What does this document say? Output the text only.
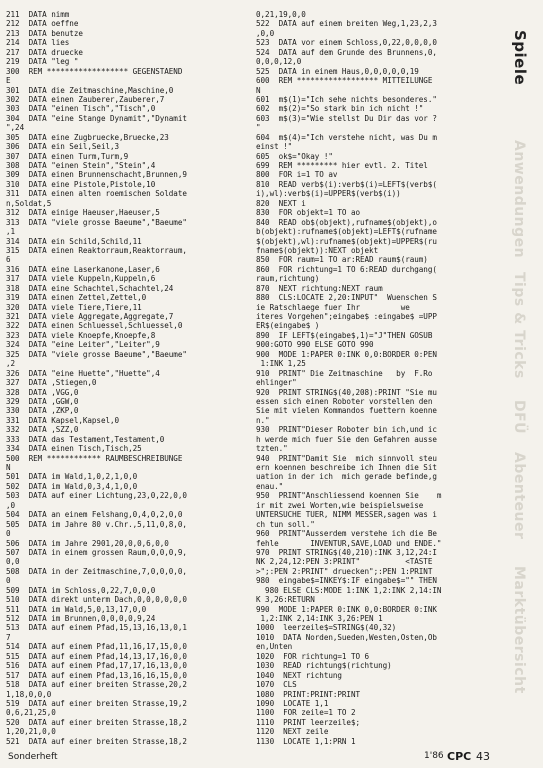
211  DATA nimm
212  DATA oeffne
213  DATA benutze
214  DATA lies
217  DATA druecke
219  DATA "leg "
300  REM ****************** GEGENSTAEND
E
301  DATA die Zeitmaschine,Maschine,0
302  DATA einen Zauberer,Zauberer,7
303  DATA "einen Tisch","Tisch",0
304  DATA "eine Stange Dynamit","Dynamit
",24
305  DATA eine Zugbruecke,Bruecke,23
306  DATA ein Seil,Seil,3
307  DATA einen Turm,Turm,9
308  DATA "einen Stein","Stein",4
309  DATA einen Brunnenschacht,Brunnen,9
310  DATA eine Pistole,Pistole,10
311  DATA einen alten roemischen Soldate
n,Soldat,5
312  DATA einige Haeuser,Haeuser,5
313  DATA "viele grosse Baeume","Baeume"
,1
314  DATA ein Schild,Schild,11
315  DATA einen Reaktorraum,Reaktorraum,
6
316  DATA eine Laserkanone,Laser,6
317  DATA viele Kuppeln,Kuppeln,6
318  DATA eine Schachtel,Schachtel,24
319  DATA einen Zettel,Zettel,0
320  DATA viele Tiere,Tiere,11
321  DATA viele Aggregate,Aggregate,7
322  DATA einen Schluessel,Schluessel,0
323  DATA viele Knoepfe,Knoepfe,8
324  DATA "eine Leiter","Leiter",9
325  DATA "viele grosse Baeume","Baeume"
,2
326  DATA "eine Huette","Huette",4
327  DATA ,Stiegen,0
328  DATA ,VGG,0
329  DATA ,GGW,0
330  DATA ,ZKP,0
331  DATA Kapsel,Kapsel,0
332  DATA ,SZZ,0
333  DATA das Testament,Testament,0
334  DATA einen Tisch,Tisch,25
500  REM ************ RAUMBESCHREIBUNGE
N
501  DATA im Wald,1,0,2,1,0,0
502  DATA im Wald,0,3,4,1,0,0
503  DATA auf einer Lichtung,23,0,22,0,0
,0
504  DATA an einem Felshang,0,4,0,2,0,0
505  DATA im Jahre 80 v.Chr.,5,11,0,8,0,
0
506  DATA im Jahre 2901,20,0,0,6,0,0
507  DATA in einem grossen Raum,0,0,0,9,
0,0
508  DATA in der Zeitmaschine,7,0,0,0,0,
0
509  DATA im Schloss,0,22,7,0,0,0
510  DATA direkt unterm Dach,0,0,0,0,0,0
511  DATA im Wald,5,0,13,17,0,0
512  DATA im Brunnen,0,0,0,0,9,24
513  DATA auf einem Pfad,15,13,16,13,0,1
7
514  DATA auf einem Pfad,11,16,17,15,0,0
515  DATA auf einem Pfad,14,13,17,16,0,0
516  DATA auf einem Pfad,17,17,16,13,0,0
517  DATA auf einem Pfad,13,16,16,15,0,0
518  DATA auf einer breiten Strasse,20,2
1,18,0,0,0
519  DATA auf einer breiten Strasse,19,2
0,6,21,25,0
520  DATA auf einer breiten Strasse,18,2
1,20,21,0,0
521  DATA auf einer breiten Strasse,18,2
0,21,19,0,0
522  DATA auf einem breiten Weg,1,23,2,3
,0,0
523  DATA vor einem Schloss,0,22,0,0,0,0
524  DATA auf dem Grunde des Brunnens,0,
0,0,0,12,0
525  DATA in einem Haus,0,0,0,0,0,19
600  REM ****************** MITTEILUNGE
N
601  m$(1)="Ich sehe nichts besonderes."
602  m$(2)="So stark bin ich nicht !"
603  m$(3)="Wie stellst Du Dir das vor ?
"
604  m$(4)="Ich verstehe nicht, was Du m
einst !"
605  ok$="Okay !"
699  REM ********* hier evtl. 2. Titel
800  FOR i=1 TO av
810  READ verb$(i):verb$(i)=LEFT$(verb$(
i),wl):verb$(i)=UPPER$(verb$(i))
820  NEXT i
830  FOR objekt=1 TO ao
840  READ ob$(objekt),rufname$(objekt),o
b(objekt):rufname$(objekt)=LEFT$(rufname
$(objekt),wl):rufname$(objekt)=UPPER$(ru
fname$(objekt)):NEXT objekt
850  FOR raum=1 TO ar:READ raum$(raum)
860  FOR richtung=1 TO 6:READ durchgang(
raum,richtung)
870  NEXT richtung:NEXT raum
880  CLS:LOCATE 2,20:INPUT"  Wuenschen S
ie Ratschlaege fuer Ihr         we
iteres Vorgehen";eingabe$ :eingabe$ =UPP
ER$(eingabe$ )
890  IF LEFT$(eingabe$,1)="J"THEN GOSUB
900:GOTO 990 ELSE GOTO 990
900  MODE 1:PAPER 0:INK 0,0:BORDER 0:PEN
1:INK 1,25
910  PRINT" Die Zeitmaschine   by  F.Ro
ehlinger"
920  PRINT STRING$(40,208):PRINT "Sie mu
essen sich einen Roboter vorstellen den
Sie mit vielen Kommandos fuettern koenne
n."
930  PRINT"Dieser Roboter bin ich,und ic
h werde mich fuer Sie den Gefahren ausse
tzten."
940  PRINT"Damit Sie  mich sinnvoll steu
ern koennen beschreibe ich Ihnen die Sit
uation in der ich  mich gerade befinde,g
enau."
950  PRINT"Anschliessend koennen Sie    m
ir mit zwei Worten,wie beispielsweise
UNTERSUCHE TUER, NIMM MESSER,sagen was i
ch tun soll."
960  PRINT"Ausserdem verstehe ich die Be
fehle       INVENTUR,SAVE,LOAD und ENDE."
970  PRINT STRING$(40,210):INK 3,12,24:I
NK 2,24,12:PEN 3:PRINT"          <TASTE
>";:PEN 2:PRINT" druecken";:PEN 1:PRINT
980  eingabe$=INKEY$:IF eingabe$="" THEN
980 ELSE CLS:MODE 1:INK 1,2:INK 2,14:IN
K 3,26:RETURN
990  MODE 1:PAPER 0:INK 0,0:BORDER 0:INK
1,2:INK 2,14:INK 3,26:PEN 1
1000  leerzeile$=STRING$(40,32)
1010  DATA Norden,Sueden,Westen,Osten,Ob
en,Unten
1020  FOR richtung=1 TO 6
1030  READ richtung$(richtung)
1040  NEXT richtung
1070  CLS
1080  PRINT:PRINT:PRINT
1090  LOCATE 1,1
1100  FOR zeile=1 TO 2
1110  PRINT leerzeile$;
1120  NEXT zeile
1130  LOCATE 1,1:PRN 1
Spiele
Anwendungen
Tips & Tricks
DFÜ
Abenteuer
Marktübersicht
Sonderheft	1'86 CPC 43
